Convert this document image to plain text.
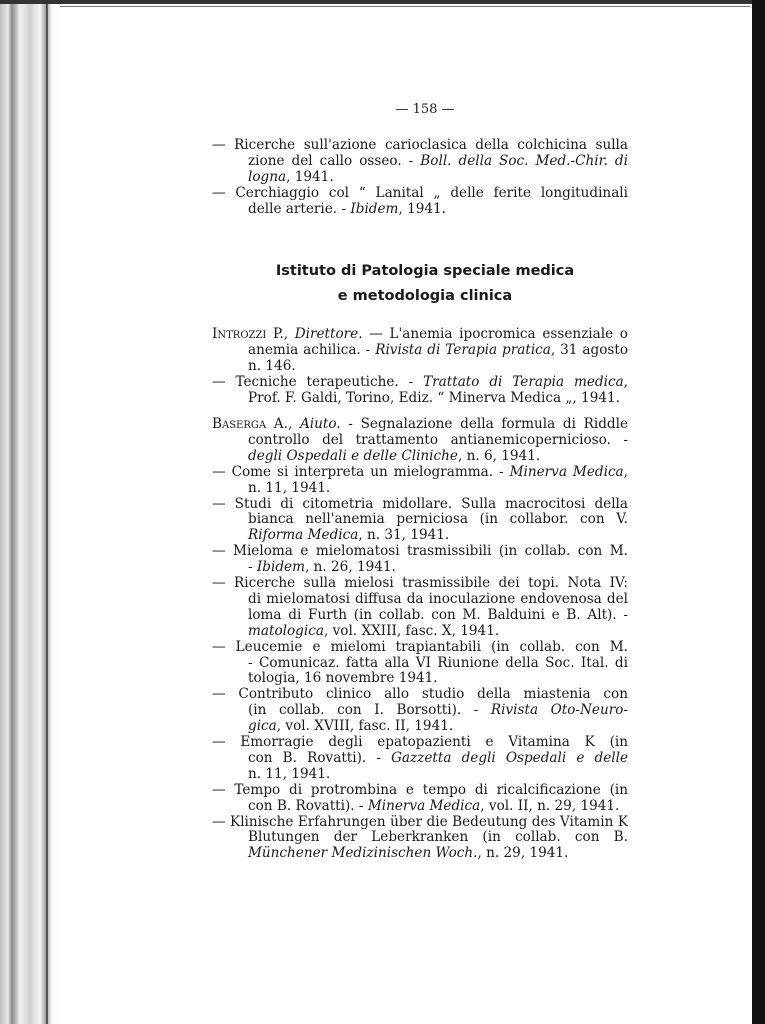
— 158 —
Istituto di Patologia speciale medica
e metodologia clinica
— Ricerche sull'azione carioclasica della colchicina sulla
zione del callo osseo. - Boll. della Soc. Med.-Chir. di
logna, 1941.
— Cerchiaggio col “ Lanital „ delle ferite longitudinali
delle arterie. - Ibidem, 1941.
Introzzi P., Direttore. — L'anemia ipocromica essenziale o
anemia achilica. - Rivista di Terapia pratica, 31 agosto
n. 146.
— Tecniche terapeutiche. - Trattato di Terapia medica,
Prof. F. Galdi, Torino, Ediz. “ Minerva Medica „, 1941.
Baserga A., Aiuto. - Segnalazione della formula di Riddle
controllo del trattamento antianemicopernicioso. -
degli Ospedali e delle Cliniche, n. 6, 1941.
— Come si interpreta un mielogramma. - Minerva Medica,
n. 11, 1941.
— Studi di citometria midollare. Sulla macrocitosi della
bianca nell'anemia perniciosa (in collabor. con V.
Riforma Medica, n. 31, 1941.
— Mieloma e mielomatosi trasmissibili (in collab. con M.
- Ibidem, n. 26, 1941.
— Ricerche sulla mielosi trasmissibile dei topi. Nota IV:
di mielomatosi diffusa da inoculazione endovenosa del
loma di Furth (in collab. con M. Balduini e B. Alt). -
matologica, vol. XXIII, fasc. X, 1941.
— Leucemie e mielomi trapiantabili (in collab. con M.
- Comunicaz. fatta alla VI Riunione della Soc. Ital. di
tologia, 16 novembre 1941.
— Contributo clinico allo studio della miastenia con
(in collab. con I. Borsotti). - Rivista Oto-Neuro-
gica, vol. XVIII, fasc. II, 1941.
— Emorragie degli epatopazienti e Vitamina K (in
con B. Rovatti). - Gazzetta degli Ospedali e delle
n. 11, 1941.
— Tempo di protrombina e tempo di ricalcificazione (in
con B. Rovatti). - Minerva Medica, vol. II, n. 29, 1941.
— Klinische Erfahrungen über die Bedeutung des Vitamin K
Blutungen der Leberkranken (in collab. con B.
Münchener Medizinischen Woch., n. 29, 1941.
